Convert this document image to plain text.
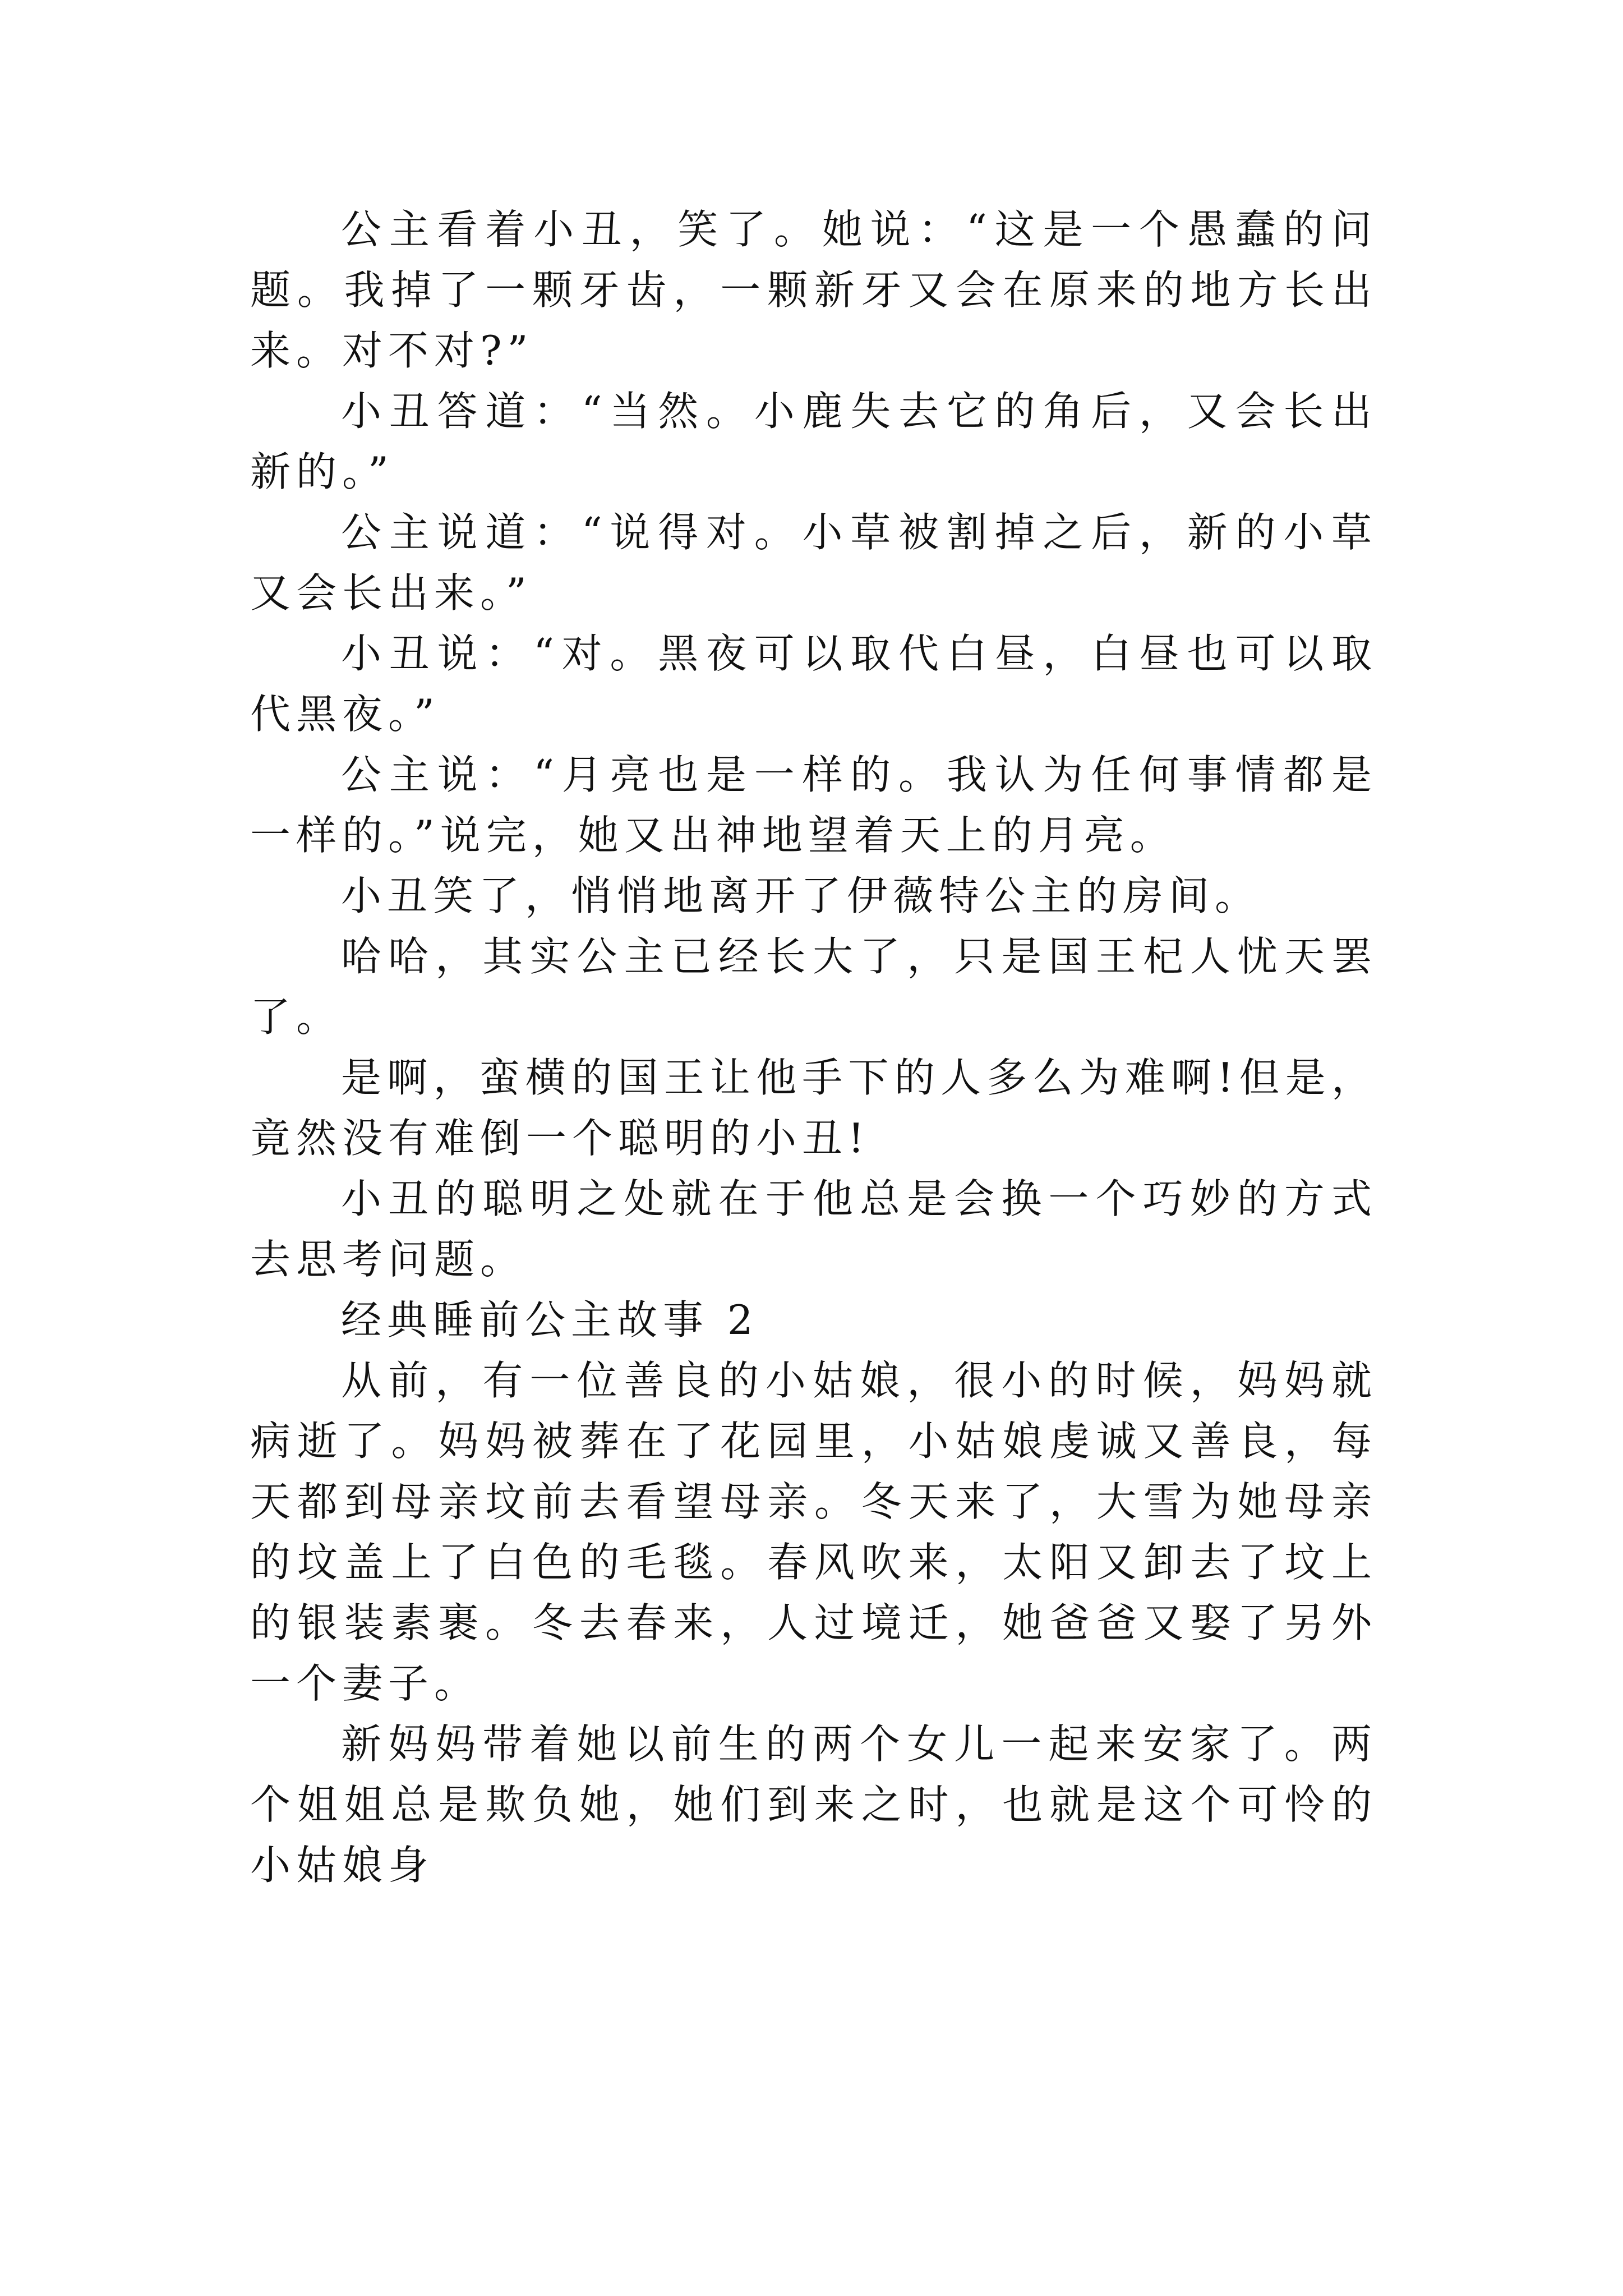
公主看着小丑，笑了。她说：“这是一个愚蠢的问题。我掉了一颗牙齿，一颗新牙又会在原来的地方长出来。对不对?”

小丑答道：“当然。小鹿失去它的角后，又会长出新的。”

公主说道：“说得对。小草被割掉之后，新的小草又会长出来。”

小丑说：“对。黑夜可以取代白昼，白昼也可以取代黑夜。”

公主说：“月亮也是一样的。我认为任何事情都是一样的。”说完，她又出神地望着天上的月亮。

小丑笑了，悄悄地离开了伊薇特公主的房间。

哈哈，其实公主已经长大了，只是国王杞人忧天罢了。

是啊，蛮横的国王让他手下的人多么为难啊!但是，竟然没有难倒一个聪明的小丑!

小丑的聪明之处就在于他总是会换一个巧妙的方式去思考问题。

经典睡前公主故事 2

从前，有一位善良的小姑娘，很小的时候，妈妈就病逝了。妈妈被葬在了花园里，小姑娘虔诚又善良，每天都到母亲坟前去看望母亲。冬天来了，大雪为她母亲的坟盖上了白色的毛毯。春风吹来，太阳又卸去了坟上的银装素裹。冬去春来，人过境迁，她爸爸又娶了另外一个妻子。

新妈妈带着她以前生的两个女儿一起来安家了。两个姐姐总是欺负她，她们到来之时，也就是这个可怜的小姑娘身
